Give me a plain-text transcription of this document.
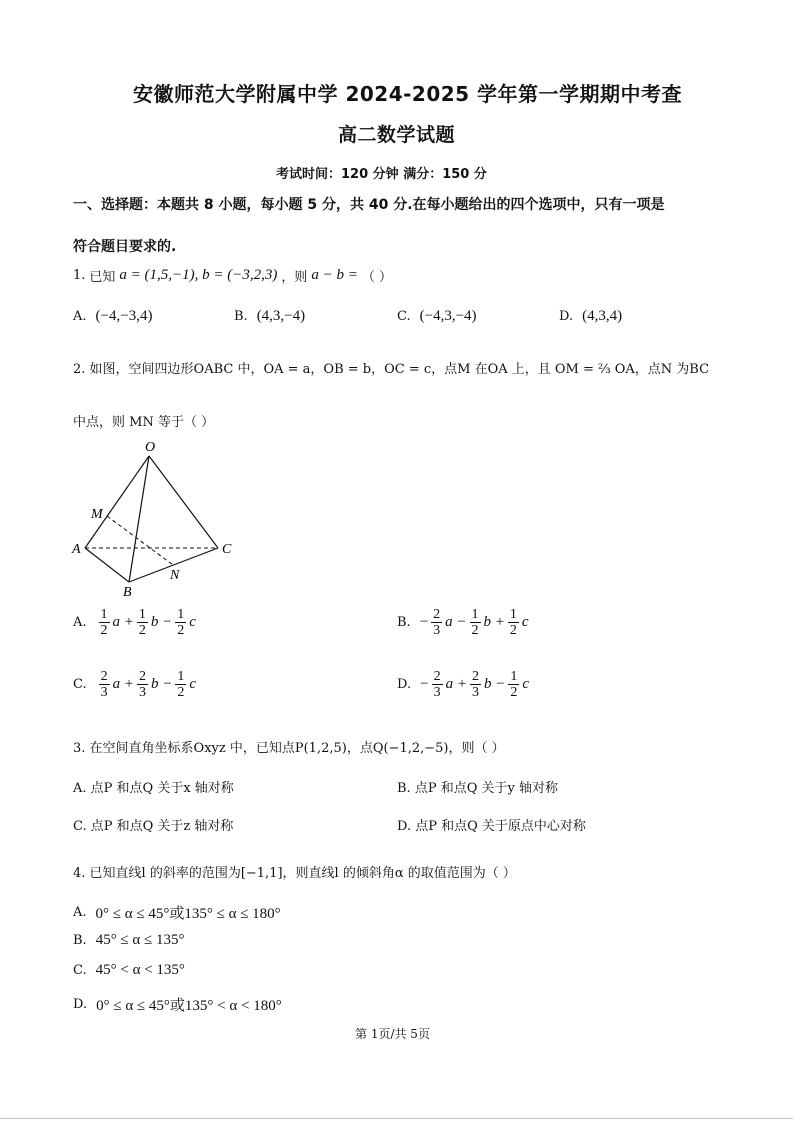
安徽师范大学附属中学 2024-2025 学年第一学期期中考查
高二数学试题
考试时间：120 分钟 满分：150 分
一、选择题：本题共 8 小题，每小题 5 分，共 40 分.在每小题给出的四个选项中，只有一项是
符合题目要求的.
1. 已知 a = (1,5,−1), b = (−3,2,3) ，则 a − b = （ ）
A. (−4,−3,4)	B. (4,3,−4)	C. (−4,3,−4)	D. (4,3,4)
2. 如图，空间四边形OABC 中，OA = a，OB = b，OC = c，点M 在OA 上，且 OM = ⅔ OA，点N 为BC
中点，则 MN 等于（ ）
O
M
A	C
N
B
A. $\frac{1}{2}$ $a + \frac{1}{2}$ $b - \frac{1}{2}$ c	B. − $\frac{2}{3}$ $a - \frac{1}{2}$ $b + \frac{1}{2}$ c
C. $\frac{2}{3}$ $a + \frac{2}{3}$ $b - \frac{1}{2}$ c	D. − $\frac{2}{3}$ $a + \frac{2}{3}$ $b - \frac{1}{2}$ c
3. 在空间直角坐标系Oxyz 中，已知点P(1,2,5)，点Q(−1,2,−5)，则（ ）
A. 点P 和点Q 关于x 轴对称	B. 点P 和点Q 关于y 轴对称
C. 点P 和点Q 关于z 轴对称	D. 点P 和点Q 关于原点中心对称
4. 已知直线l 的斜率的范围为[−1,1]，则直线l 的倾斜角α 的取值范围为（ ）
A. 0° ≤ α ≤ 45°或135° ≤ α ≤ 180°
B. 45° ≤ α ≤ 135°
C. 45° < α < 135°
D. 0° ≤ α ≤ 45°或135° < α < 180°
第 1页/共 5页
